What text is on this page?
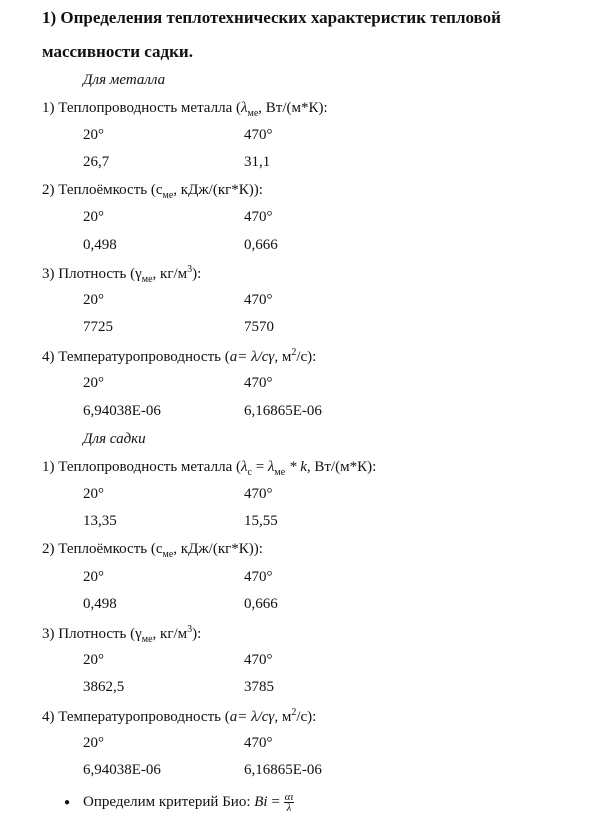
1) Определения теплотехнических характеристик тепловой
массивности садки.
Для металла
1) Теплопроводность металла ($\lambda_{ме}$, Вт/(м*К):
20°	470°
26,7	31,1
2) Теплоёмкость ($c_{ме}$, кДж/(кг*К)):
20°	470°
0,498	0,666
3) Плотность ($\gamma_{ме}$, $кг/м^3$):
20°	470°
7725	7570
4) Температуропроводность (a= λ/cγ, $м^2/с$):
20°	470°
6,94038E-06	6,16865E-06
Для садки
1) Теплопроводность металла ($\lambda_с = \lambda_{ме} * k$, Вт/(м*К):
20°	470°
13,35	15,55
2) Теплоёмкость ($c_{ме}$, кДж/(кг*К)):
20°	470°
0,498	0,666
3) Плотность ($\gamma_{ме}$, $кг/м^3$):
20°	470°
3862,5	3785
4) Температуропроводность (a= λ/cγ, $м^2/с$):
20°	470°
6,94038E-06	6,16865E-06
● Определим критерий Био: $Bi = \frac{\alpha\iota}{\lambda}$
